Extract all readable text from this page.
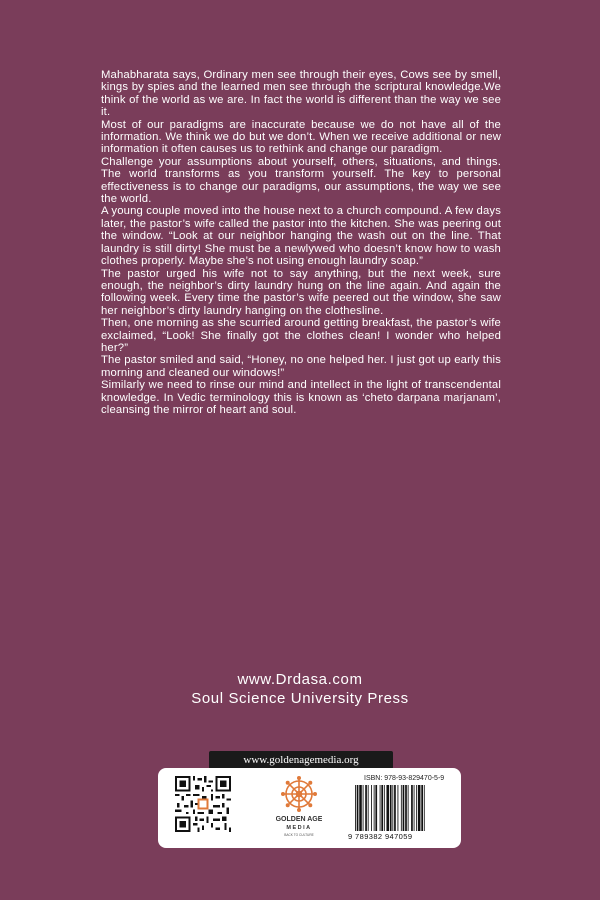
Mahabharata says, Ordinary men see through their eyes, Cows see by smell, kings by spies and the learned men see through the scriptural knowledge.We think of the world as we are. In fact the world is different than the way we see it.

Most of our paradigms are inaccurate because we do not have all of the information. We think we do but we don’t. When we receive additional or new information it often causes us to rethink and change our paradigm.

Challenge your assumptions about yourself, others, situations, and things. The world transforms as you transform yourself. The key to personal effectiveness is to change our paradigms, our assumptions, the way we see the world.

A young couple moved into the house next to a church compound. A few days later, the pastor’s wife called the pastor into the kitchen. She was peering out the window. “Look at our neighbor hanging the wash out on the line. That laundry is still dirty! She must be a newlywed who doesn’t know how to wash clothes properly. Maybe she’s not using enough laundry soap.”

The pastor urged his wife not to say anything, but the next week, sure enough, the neighbor’s dirty laundry hung on the line again. And again the following week. Every time the pastor’s wife peered out the window, she saw her neighbor’s dirty laundry hanging on the clothesline.

Then, one morning as she scurried around getting breakfast, the pastor’s wife exclaimed, “Look! She finally got the clothes clean! I wonder who helped her?”

The pastor smiled and said, “Honey, no one helped her. I just got up early this morning and cleaned our windows!”

Similarly we need to rinse our mind and intellect in the light of transcendental knowledge. In Vedic terminology this is known as ‘cheto darpana marjanam’, cleansing the mirror of heart and soul.

www.Drdasa.com
Soul Science University Press
www.goldenagemedia.org
GOLDEN AGE
MEDIA
BACK TO CULTURE
ISBN: 978-93-829470-5-9
9 789382 947059
